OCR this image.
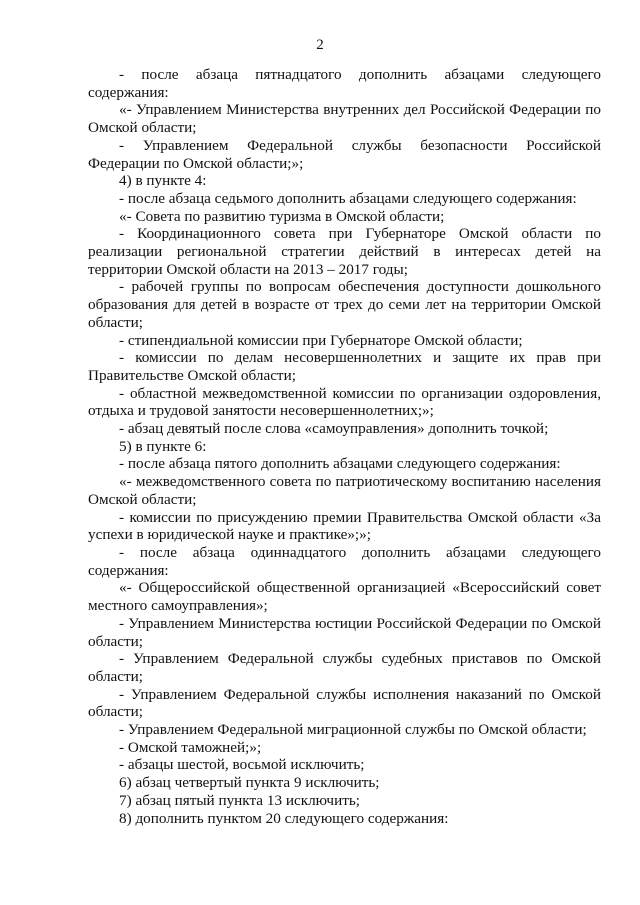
2

- после абзаца пятнадцатого дополнить абзацами следующего содержания:

«- Управлением Министерства внутренних дел Российской Федерации по Омской области;

- Управлением Федеральной службы безопасности Российской Федерации по Омской области;»;

4) в пункте 4:

- после абзаца седьмого дополнить абзацами следующего содержания:

«- Совета по развитию туризма в Омской области;

- Координационного совета при Губернаторе Омской области по реализации региональной стратегии действий в интересах детей на территории Омской области на 2013 – 2017 годы;

- рабочей группы по вопросам обеспечения доступности дошкольного образования для детей в возрасте от трех до семи лет на территории Омской области;

- стипендиальной комиссии при Губернаторе Омской области;

- комиссии по делам несовершеннолетних и защите их прав при Правительстве Омской области;

- областной межведомственной комиссии по организации оздоровления, отдыха и трудовой занятости несовершеннолетних;»;

- абзац девятый после слова «самоуправления» дополнить точкой;

5) в пункте 6:

- после абзаца пятого дополнить абзацами следующего содержания:

«- межведомственного совета по патриотическому воспитанию населения Омской области;

- комиссии по присуждению премии Правительства Омской области «За успехи в юридической науке и практике»;»;

- после абзаца одиннадцатого дополнить абзацами следующего содержания:

«- Общероссийской общественной организацией «Всероссийский совет местного самоуправления»;

- Управлением Министерства юстиции Российской Федерации по Омской области;

- Управлением Федеральной службы судебных приставов по Омской области;

- Управлением Федеральной службы исполнения наказаний по Омской области;

- Управлением Федеральной миграционной службы по Омской области;

- Омской таможней;»;

- абзацы шестой, восьмой исключить;

6) абзац четвертый пункта 9 исключить;

7) абзац пятый пункта 13 исключить;

8) дополнить пунктом 20 следующего содержания:
